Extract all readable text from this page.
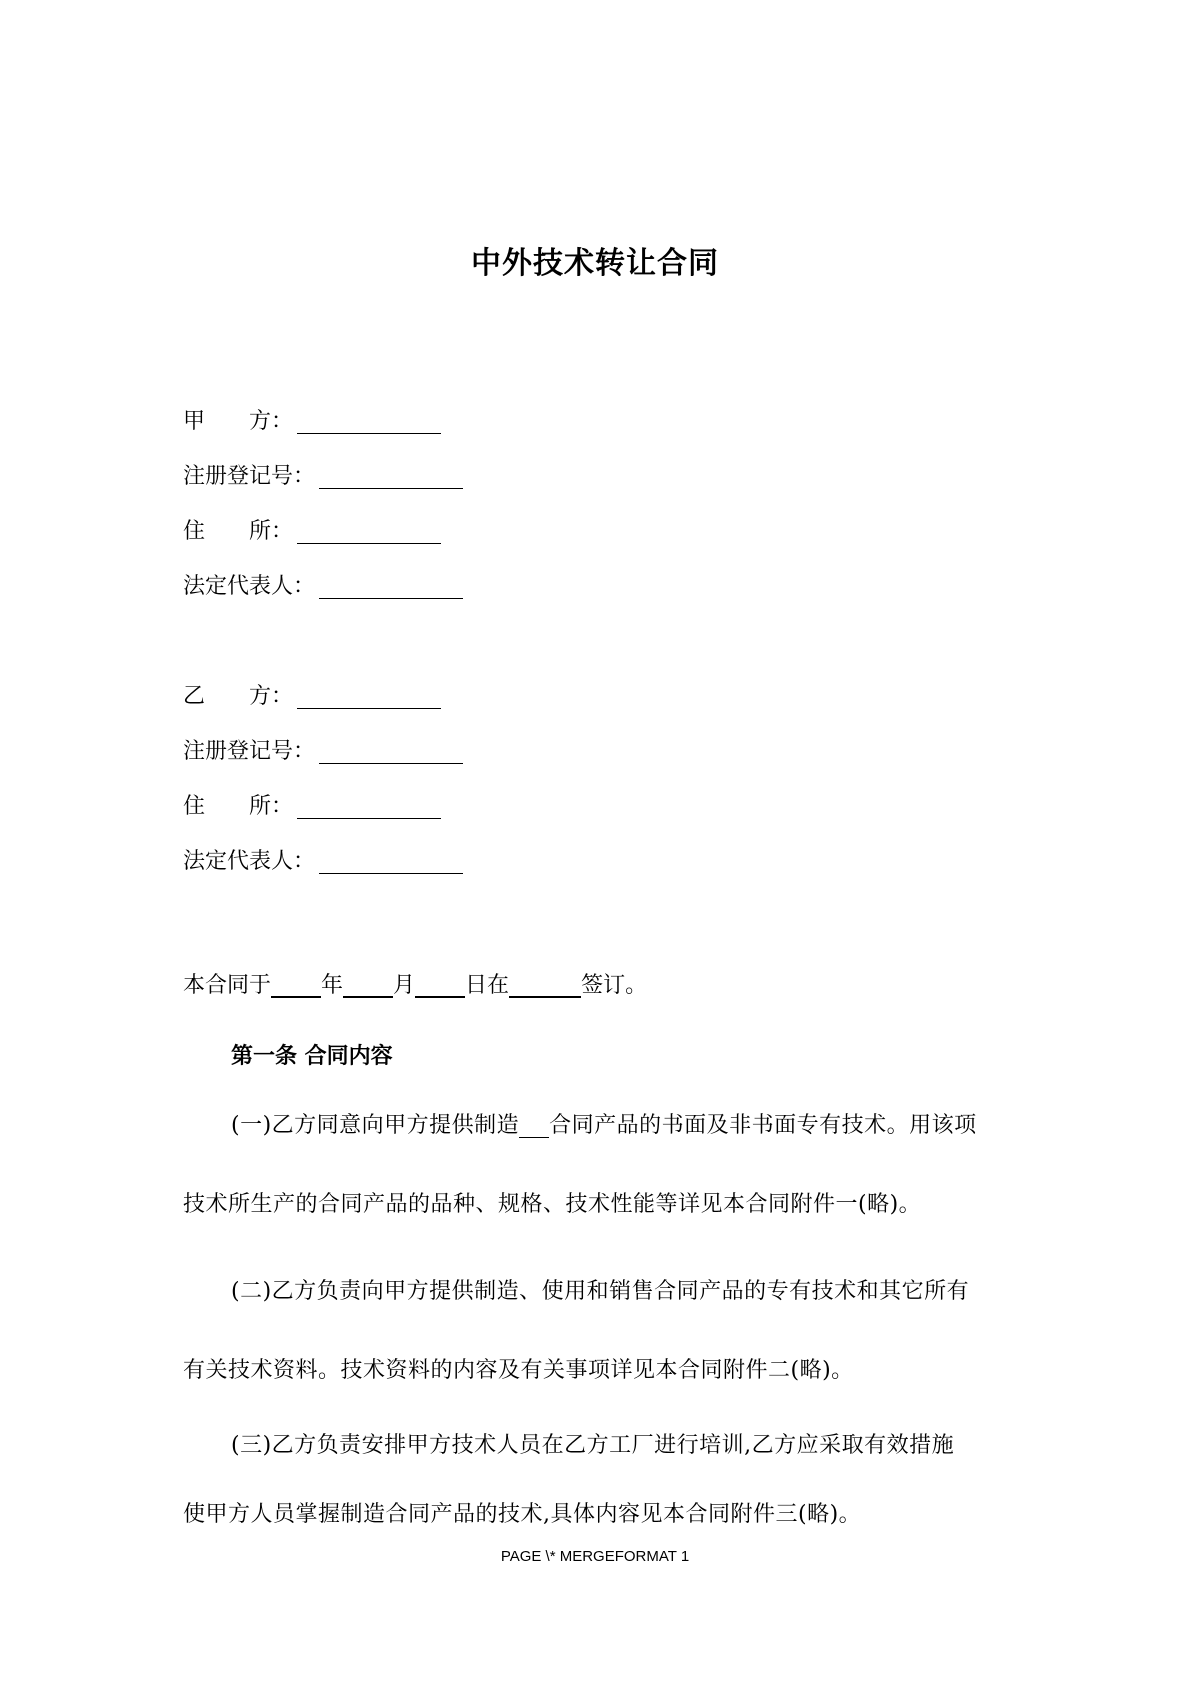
中外技术转让合同
甲　　方：
注册登记号：
住　　所：
法定代表人：
乙　　方：
注册登记号：
住　　所：
法定代表人：
本合同于 年 月 日在	签订。
第一条 合同内容
(一)乙方同意向甲方提供制造 合同产品的书面及非书面专有技术。用该项
技术所生产的合同产品的品种、规格、技术性能等详见本合同附件一(略)。
(二)乙方负责向甲方提供制造、使用和销售合同产品的专有技术和其它所有
有关技术资料。技术资料的内容及有关事项详见本合同附件二(略)。
(三)乙方负责安排甲方技术人员在乙方工厂进行培训,乙方应采取有效措施
使甲方人员掌握制造合同产品的技术,具体内容见本合同附件三(略)。
PAGE \* MERGEFORMAT 1
